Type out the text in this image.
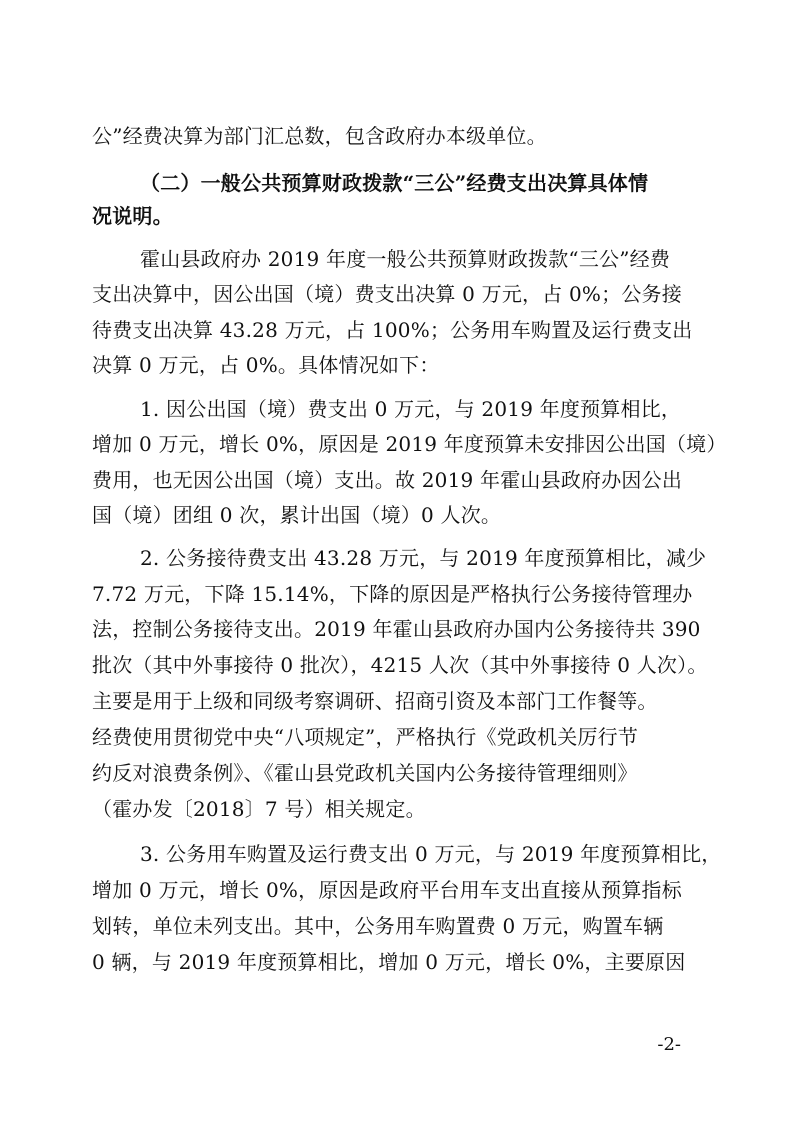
公”经费决算为部门汇总数，包含政府办本级单位。
（二）一般公共预算财政拨款“三公”经费支出决算具体情
况说明。
霍山县政府办 2019 年度一般公共预算财政拨款“三公”经费
支出决算中，因公出国（境）费支出决算 0 万元，占 0%；公务接
待费支出决算 43.28 万元，占 100%；公务用车购置及运行费支出
决算 0 万元，占 0%。具体情况如下：
1. 因公出国（境）费支出 0 万元，与 2019 年度预算相比，
增加 0 万元，增长 0%，原因是 2019 年度预算未安排因公出国（境）
费用，也无因公出国（境）支出。故 2019 年霍山县政府办因公出
国（境）团组 0 次，累计出国（境）0 人次。
2. 公务接待费支出 43.28 万元，与 2019 年度预算相比，减少
7.72 万元，下降 15.14%，下降的原因是严格执行公务接待管理办
法，控制公务接待支出。2019 年霍山县政府办国内公务接待共 390
批次（其中外事接待 0 批次），4215 人次（其中外事接待 0 人次）。
主要是用于上级和同级考察调研、招商引资及本部门工作餐等。
经费使用贯彻党中央“八项规定”，严格执行《党政机关厉行节
约反对浪费条例》、《霍山县党政机关国内公务接待管理细则》
（霍办发〔2018〕7 号）相关规定。
3. 公务用车购置及运行费支出 0 万元，与 2019 年度预算相比，
增加 0 万元，增长 0%，原因是政府平台用车支出直接从预算指标
划转，单位未列支出。其中，公务用车购置费 0 万元，购置车辆
0 辆，与 2019 年度预算相比，增加 0 万元，增长 0%，主要原因
-2-
